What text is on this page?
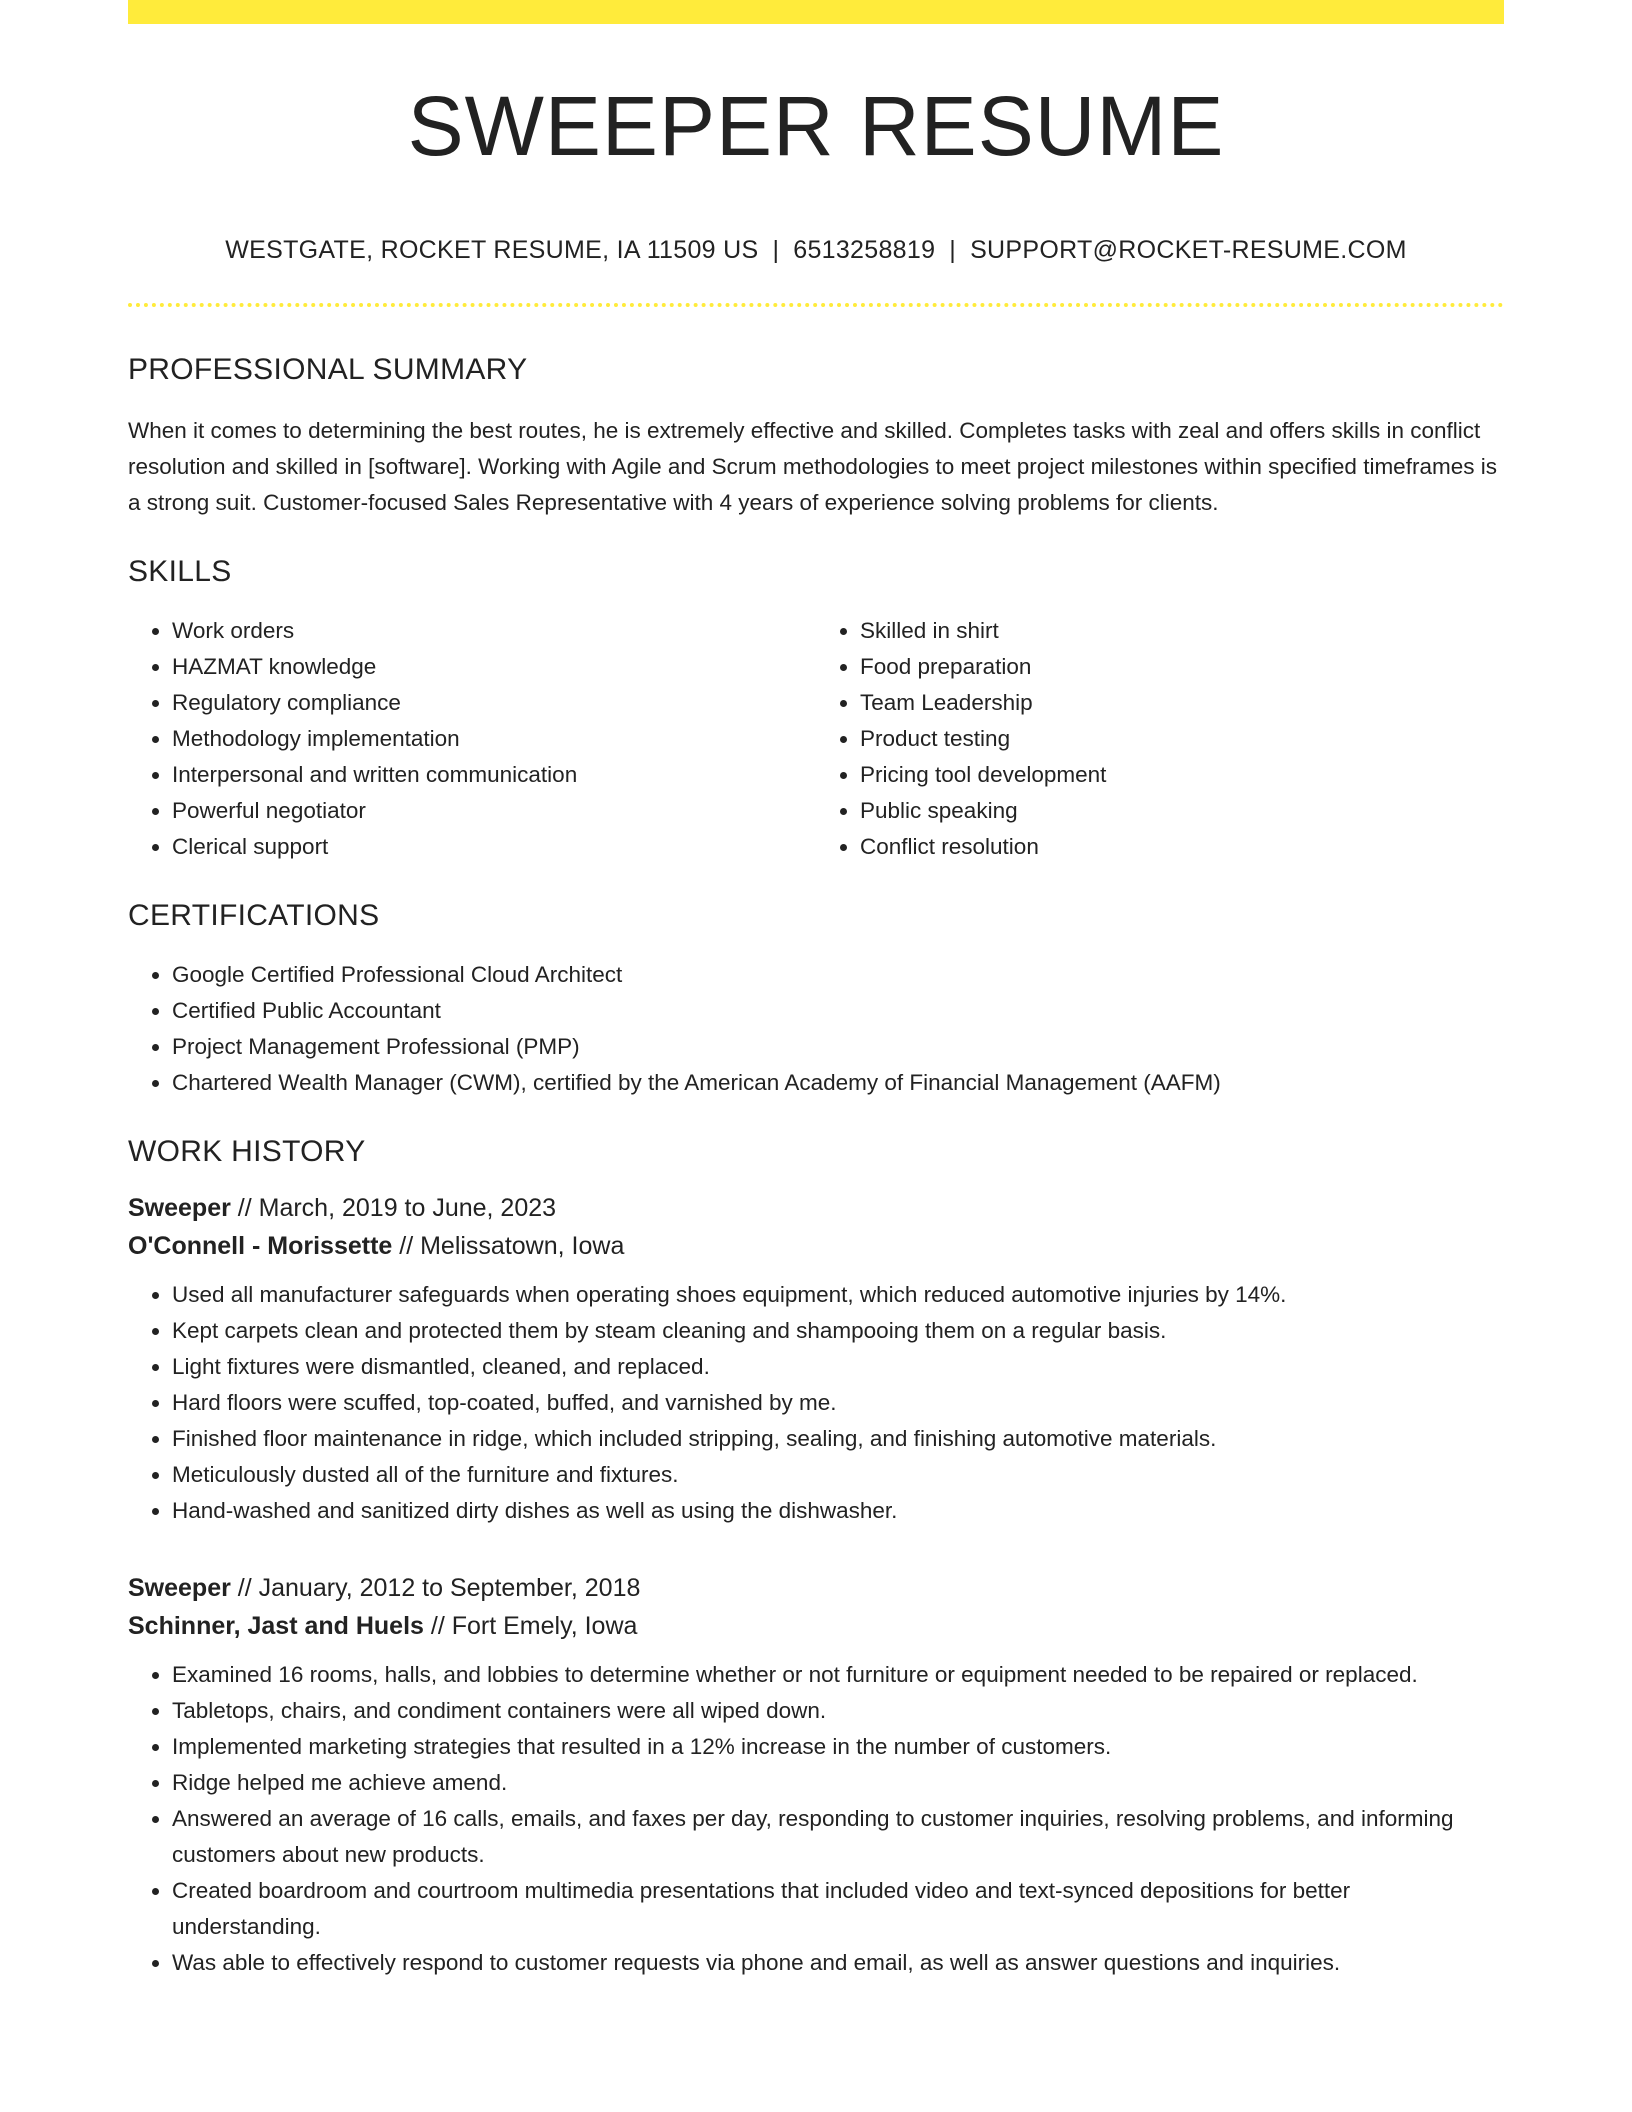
SWEEPER RESUME
WESTGATE, ROCKET RESUME, IA 11509 US | 6513258819 | SUPPORT@ROCKET-RESUME.COM
PROFESSIONAL SUMMARY
When it comes to determining the best routes, he is extremely effective and skilled. Completes tasks with zeal and offers skills in conflict resolution and skilled in [software]. Working with Agile and Scrum methodologies to meet project milestones within specified timeframes is a strong suit. Customer-focused Sales Representative with 4 years of experience solving problems for clients.
SKILLS
• Work orders
• HAZMAT knowledge
• Regulatory compliance
• Methodology implementation
• Interpersonal and written communication
• Powerful negotiator
• Clerical support
• Skilled in shirt
• Food preparation
• Team Leadership
• Product testing
• Pricing tool development
• Public speaking
• Conflict resolution
CERTIFICATIONS
• Google Certified Professional Cloud Architect
• Certified Public Accountant
• Project Management Professional (PMP)
• Chartered Wealth Manager (CWM), certified by the American Academy of Financial Management (AAFM)
WORK HISTORY
Sweeper // March, 2019 to June, 2023
O'Connell - Morissette // Melissatown, Iowa
• Used all manufacturer safeguards when operating shoes equipment, which reduced automotive injuries by 14%.
• Kept carpets clean and protected them by steam cleaning and shampooing them on a regular basis.
• Light fixtures were dismantled, cleaned, and replaced.
• Hard floors were scuffed, top-coated, buffed, and varnished by me.
• Finished floor maintenance in ridge, which included stripping, sealing, and finishing automotive materials.
• Meticulously dusted all of the furniture and fixtures.
• Hand-washed and sanitized dirty dishes as well as using the dishwasher.
Sweeper // January, 2012 to September, 2018
Schinner, Jast and Huels // Fort Emely, Iowa
• Examined 16 rooms, halls, and lobbies to determine whether or not furniture or equipment needed to be repaired or replaced.
• Tabletops, chairs, and condiment containers were all wiped down.
• Implemented marketing strategies that resulted in a 12% increase in the number of customers.
• Ridge helped me achieve amend.
• Answered an average of 16 calls, emails, and faxes per day, responding to customer inquiries, resolving problems, and informing customers about new products.
• Created boardroom and courtroom multimedia presentations that included video and text-synced depositions for better understanding.
• Was able to effectively respond to customer requests via phone and email, as well as answer questions and inquiries.
